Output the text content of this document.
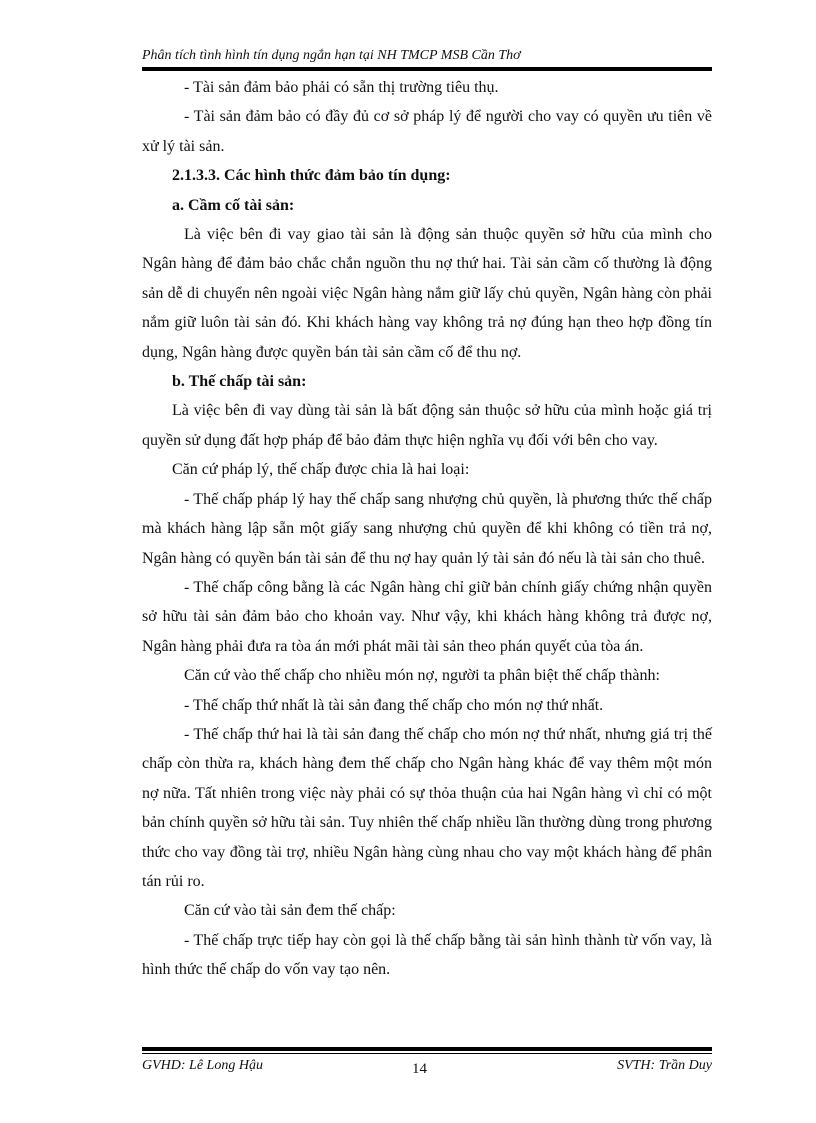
Phân tích tình hình tín dụng ngắn hạn tại NH TMCP MSB Cần Thơ

- Tài sản đảm bảo phải có sẵn thị trường tiêu thụ.

- Tài sản đảm bảo có đầy đủ cơ sở pháp lý để người cho vay có quyền ưu tiên về xử lý tài sản.

2.1.3.3. Các hình thức đảm bảo tín dụng:

a. Cầm cố tài sản:

Là việc bên đi vay giao tài sản là động sản thuộc quyền sở hữu của mình cho Ngân hàng để đảm bảo chắc chắn nguồn thu nợ thứ hai. Tài sản cầm cố thường là động sản dễ di chuyển nên ngoài việc Ngân hàng nắm giữ lấy chủ quyền, Ngân hàng còn phải nắm giữ luôn tài sản đó. Khi khách hàng vay không trả nợ đúng hạn theo hợp đồng tín dụng, Ngân hàng được quyền bán tài sản cầm cố để thu nợ.

b. Thế chấp tài sản:

Là việc bên đi vay dùng tài sản là bất động sản thuộc sở hữu của mình hoặc giá trị quyền sử dụng đất hợp pháp để bảo đảm thực hiện nghĩa vụ đối với bên cho vay.

Căn cứ pháp lý, thế chấp được chia là hai loại:

- Thế chấp pháp lý hay thế chấp sang nhượng chủ quyền, là phương thức thế chấp mà khách hàng lập sẵn một giấy sang nhượng chủ quyền để khi không có tiền trả nợ, Ngân hàng có quyền bán tài sản để thu nợ hay quản lý tài sản đó nếu là tài sản cho thuê.

- Thế chấp công bằng là các Ngân hàng chỉ giữ bản chính giấy chứng nhận quyền sở hữu tài sản đảm bảo cho khoản vay. Như vậy, khi khách hàng không trả được nợ, Ngân hàng phải đưa ra tòa án mới phát mãi tài sản theo phán quyết của tòa án.

Căn cứ vào thế chấp cho nhiều món nợ, người ta phân biệt thế chấp thành:

- Thế chấp thứ nhất là tài sản đang thế chấp cho món nợ thứ nhất.

- Thế chấp thứ hai là tài sản đang thế chấp cho món nợ thứ nhất, nhưng giá trị thế chấp còn thừa ra, khách hàng đem thế chấp cho Ngân hàng khác để vay thêm một món nợ nữa. Tất nhiên trong việc này phải có sự thỏa thuận của hai Ngân hàng vì chỉ có một bản chính quyền sở hữu tài sản. Tuy nhiên thế chấp nhiều lần thường dùng trong phương thức cho vay đồng tài trợ, nhiều Ngân hàng cùng nhau cho vay một khách hàng để phân tán rủi ro.

Căn cứ vào tài sản đem thế chấp:

- Thế chấp trực tiếp hay còn gọi là thế chấp bằng tài sản hình thành từ vốn vay, là hình thức thế chấp do vốn vay tạo nên.

GVHD: Lê Long Hậu	14	SVTH: Trần Duy
